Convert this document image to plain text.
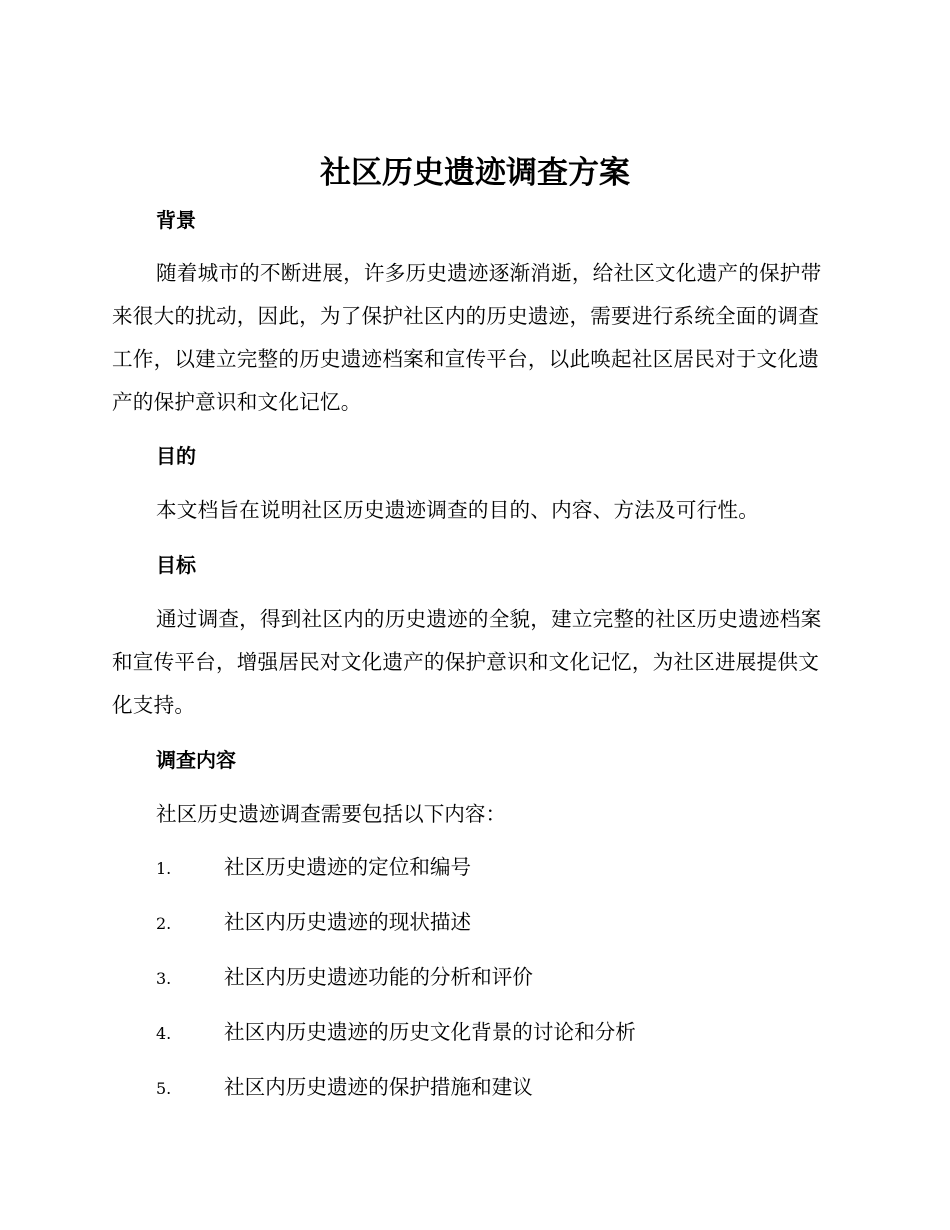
社区历史遗迹调查方案
背景

随着城市的不断进展，许多历史遗迹逐渐消逝，给社区文化遗产的保护带来很大的扰动，因此，为了保护社区内的历史遗迹，需要进行系统全面的调查工作，以建立完整的历史遗迹档案和宣传平台，以此唤起社区居民对于文化遗产的保护意识和文化记忆。

目的

本文档旨在说明社区历史遗迹调查的目的、内容、方法及可行性。

目标

通过调查，得到社区内的历史遗迹的全貌，建立完整的社区历史遗迹档案和宣传平台，增强居民对文化遗产的保护意识和文化记忆，为社区进展提供文化支持。

调查内容

社区历史遗迹调查需要包括以下内容：

1.	社区历史遗迹的定位和编号
2.	社区内历史遗迹的现状描述
3.	社区内历史遗迹功能的分析和评价
4.	社区内历史遗迹的历史文化背景的讨论和分析
5.	社区内历史遗迹的保护措施和建议
